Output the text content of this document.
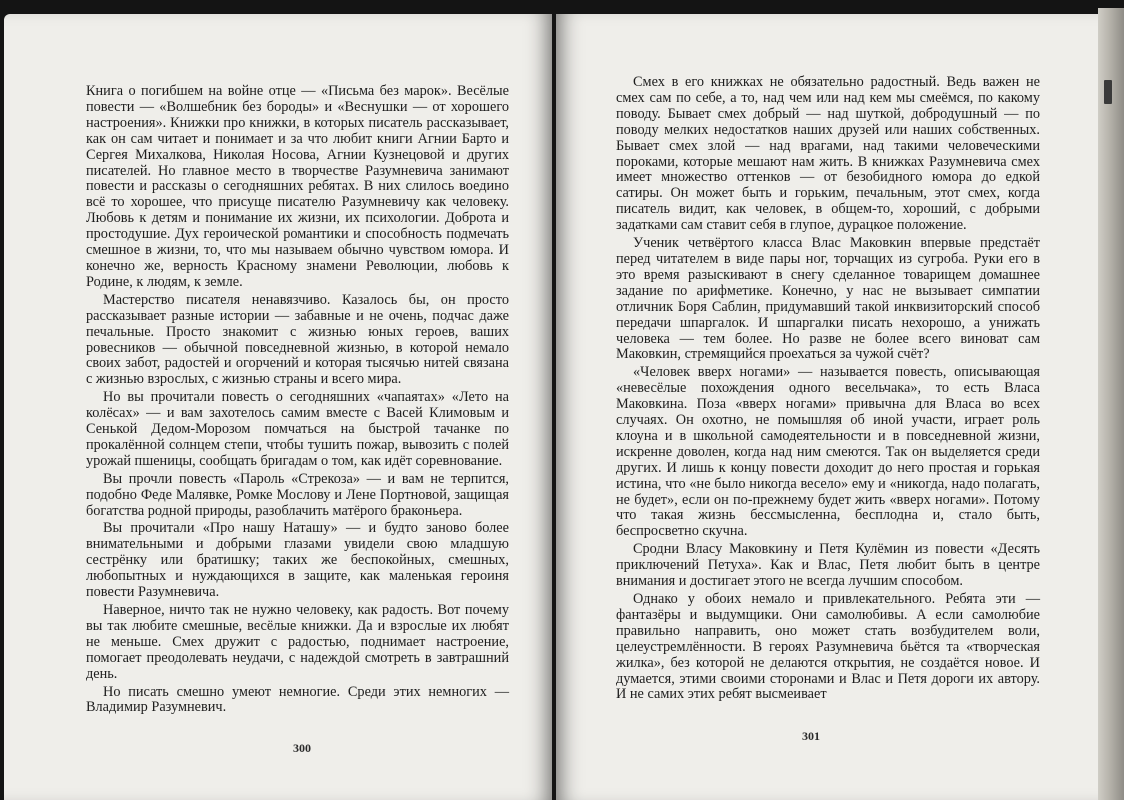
Книга о погибшем на войне отце — «Письма без марок». Весёлые повести — «Волшебник без бороды» и «Веснушки — от хорошего настроения». Книжки про книжки, в которых писатель рассказывает, как он сам читает и понимает и за что любит книги Агнии Барто и Сергея Михалкова, Николая Носова, Агнии Кузнецовой и других писателей. Но главное место в творчестве Разумневича занимают повести и рассказы о сегодняшних ребятах. В них слилось воедино всё то хорошее, что присуще писателю Разумневичу как человеку. Любовь к детям и понимание их жизни, их психологии. Доброта и простодушие. Дух героической романтики и способность подмечать смешное в жизни, то, что мы называем обычно чувством юмора. И конечно же, верность Красному знамени Революции, любовь к Родине, к людям, к земле.

Мастерство писателя ненавязчиво. Казалось бы, он просто рассказывает разные истории — забавные и не очень, подчас даже печальные. Просто знакомит с жизнью юных героев, ваших ровесников — обычной повседневной жизнью, в которой немало своих забот, радостей и огорчений и которая тысячью нитей связана с жизнью взрослых, с жизнью страны и всего мира.

Но вы прочитали повесть о сегодняшних «чапаятах» «Лето на колёсах» — и вам захотелось самим вместе с Васей Климовым и Сенькой Дедом-Морозом помчаться на быстрой тачанке по прокалённой солнцем степи, чтобы тушить пожар, вывозить с полей урожай пшеницы, сообщать бригадам о том, как идёт соревнование.

Вы прочли повесть «Пароль «Стрекоза» — и вам не терпится, подобно Феде Малявке, Ромке Мослову и Лене Портновой, защищая богатства родной природы, разоблачить матёрого браконьера.

Вы прочитали «Про нашу Наташу» — и будто заново более внимательными и добрыми глазами увидели свою младшую сестрёнку или братишку; таких же беспокойных, смешных, любопытных и нуждающихся в защите, как маленькая героиня повести Разумневича.

Наверное, ничто так не нужно человеку, как радость. Вот почему вы так любите смешные, весёлые книжки. Да и взрослые их любят не меньше. Смех дружит с радостью, поднимает настроение, помогает преодолевать неудачи, с надеждой смотреть в завтрашний день.

Но писать смешно умеют немногие. Среди этих немногих — Владимир Разумневич.

300

Смех в его книжках не обязательно радостный. Ведь важен не смех сам по себе, а то, над чем или над кем мы смеёмся, по какому поводу. Бывает смех добрый — над шуткой, добродушный — по поводу мелких недостатков наших друзей или наших собственных. Бывает смех злой — над врагами, над такими человеческими пороками, которые мешают нам жить. В книжках Разумневича смех имеет множество оттенков — от безобидного юмора до едкой сатиры. Он может быть и горьким, печальным, этот смех, когда писатель видит, как человек, в общем-то, хороший, с добрыми задатками сам ставит себя в глупое, дурацкое положение.

Ученик четвёртого класса Влас Маковкин впервые предстаёт перед читателем в виде пары ног, торчащих из сугроба. Руки его в это время разыскивают в снегу сделанное товарищем домашнее задание по арифметике. Конечно, у нас не вызывает симпатии отличник Боря Саблин, придумавший такой инквизиторский способ передачи шпаргалок. И шпаргалки писать нехорошо, а унижать человека — тем более. Но разве не более всего виноват сам Маковкин, стремящийся проехаться за чужой счёт?

«Человек вверх ногами» — называется повесть, описывающая «невесёлые похождения одного весельчака», то есть Власа Маковкина. Поза «вверх ногами» привычна для Власа во всех случаях. Он охотно, не помышляя об иной участи, играет роль клоуна и в школьной самодеятельности и в повседневной жизни, искренне доволен, когда над ним смеются. Так он выделяется среди других. И лишь к концу повести доходит до него простая и горькая истина, что «не было никогда весело» ему и «никогда, надо полагать, не будет», если он по-прежнему будет жить «вверх ногами». Потому что такая жизнь бессмысленна, бесплодна и, стало быть, беспросветно скучна.

Сродни Власу Маковкину и Петя Кулёмин из повести «Десять приключений Петуха». Как и Влас, Петя любит быть в центре внимания и достигает этого не всегда лучшим способом.

Однако у обоих немало и привлекательного. Ребята эти — фантазёры и выдумщики. Они самолюбивы. А если самолюбие правильно направить, оно может стать возбудителем воли, целеустремлённости. В героях Разумневича бьётся та «творческая жилка», без которой не делаются открытия, не создаётся новое. И думается, этими своими сторонами и Влас и Петя дороги их автору. И не самих этих ребят высмеивает

301
